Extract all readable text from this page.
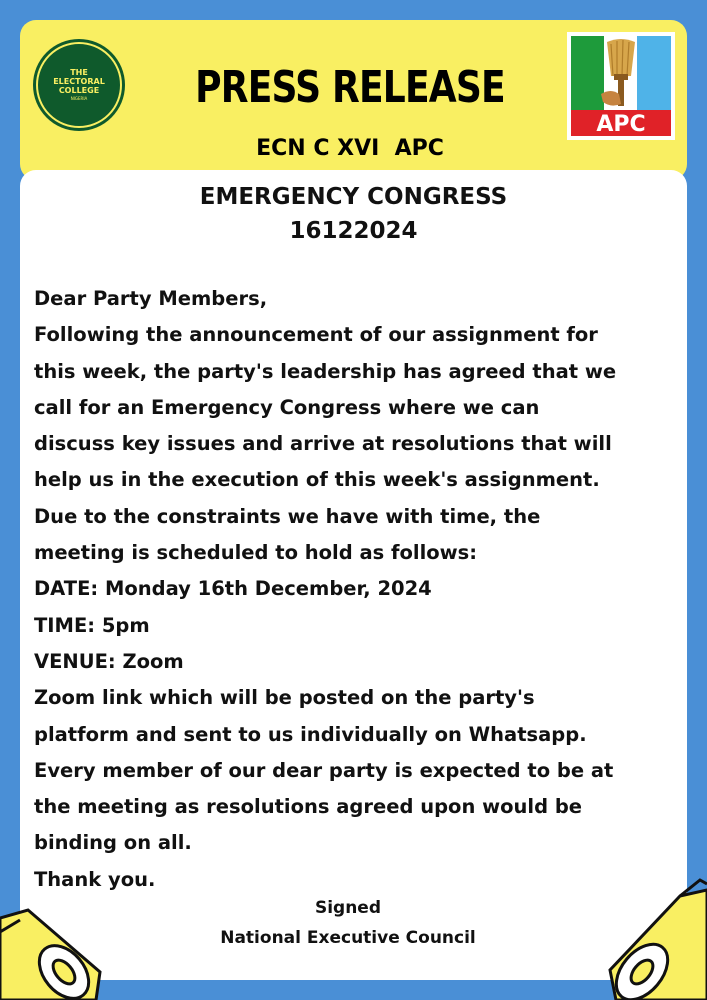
THE
ELECTORAL
COLLEGE
NIGERIA PRESS RELEASE
ECN C XVI  APC
APC
EMERGENCY CONGRESS
16122024
Dear Party Members,
Following the announcement of our assignment for
this week, the party's leadership has agreed that we
call for an Emergency Congress where we can
discuss key issues and arrive at resolutions that will
help us in the execution of this week's assignment.
Due to the constraints we have with time, the
meeting is scheduled to hold as follows:
DATE: Monday 16th December, 2024
TIME: 5pm
VENUE: Zoom
Zoom link which will be posted on the party's
platform and sent to us individually on Whatsapp.
Every member of our dear party is expected to be at
the meeting as resolutions agreed upon would be
binding on all.
Thank you.
Signed
National Executive Council
